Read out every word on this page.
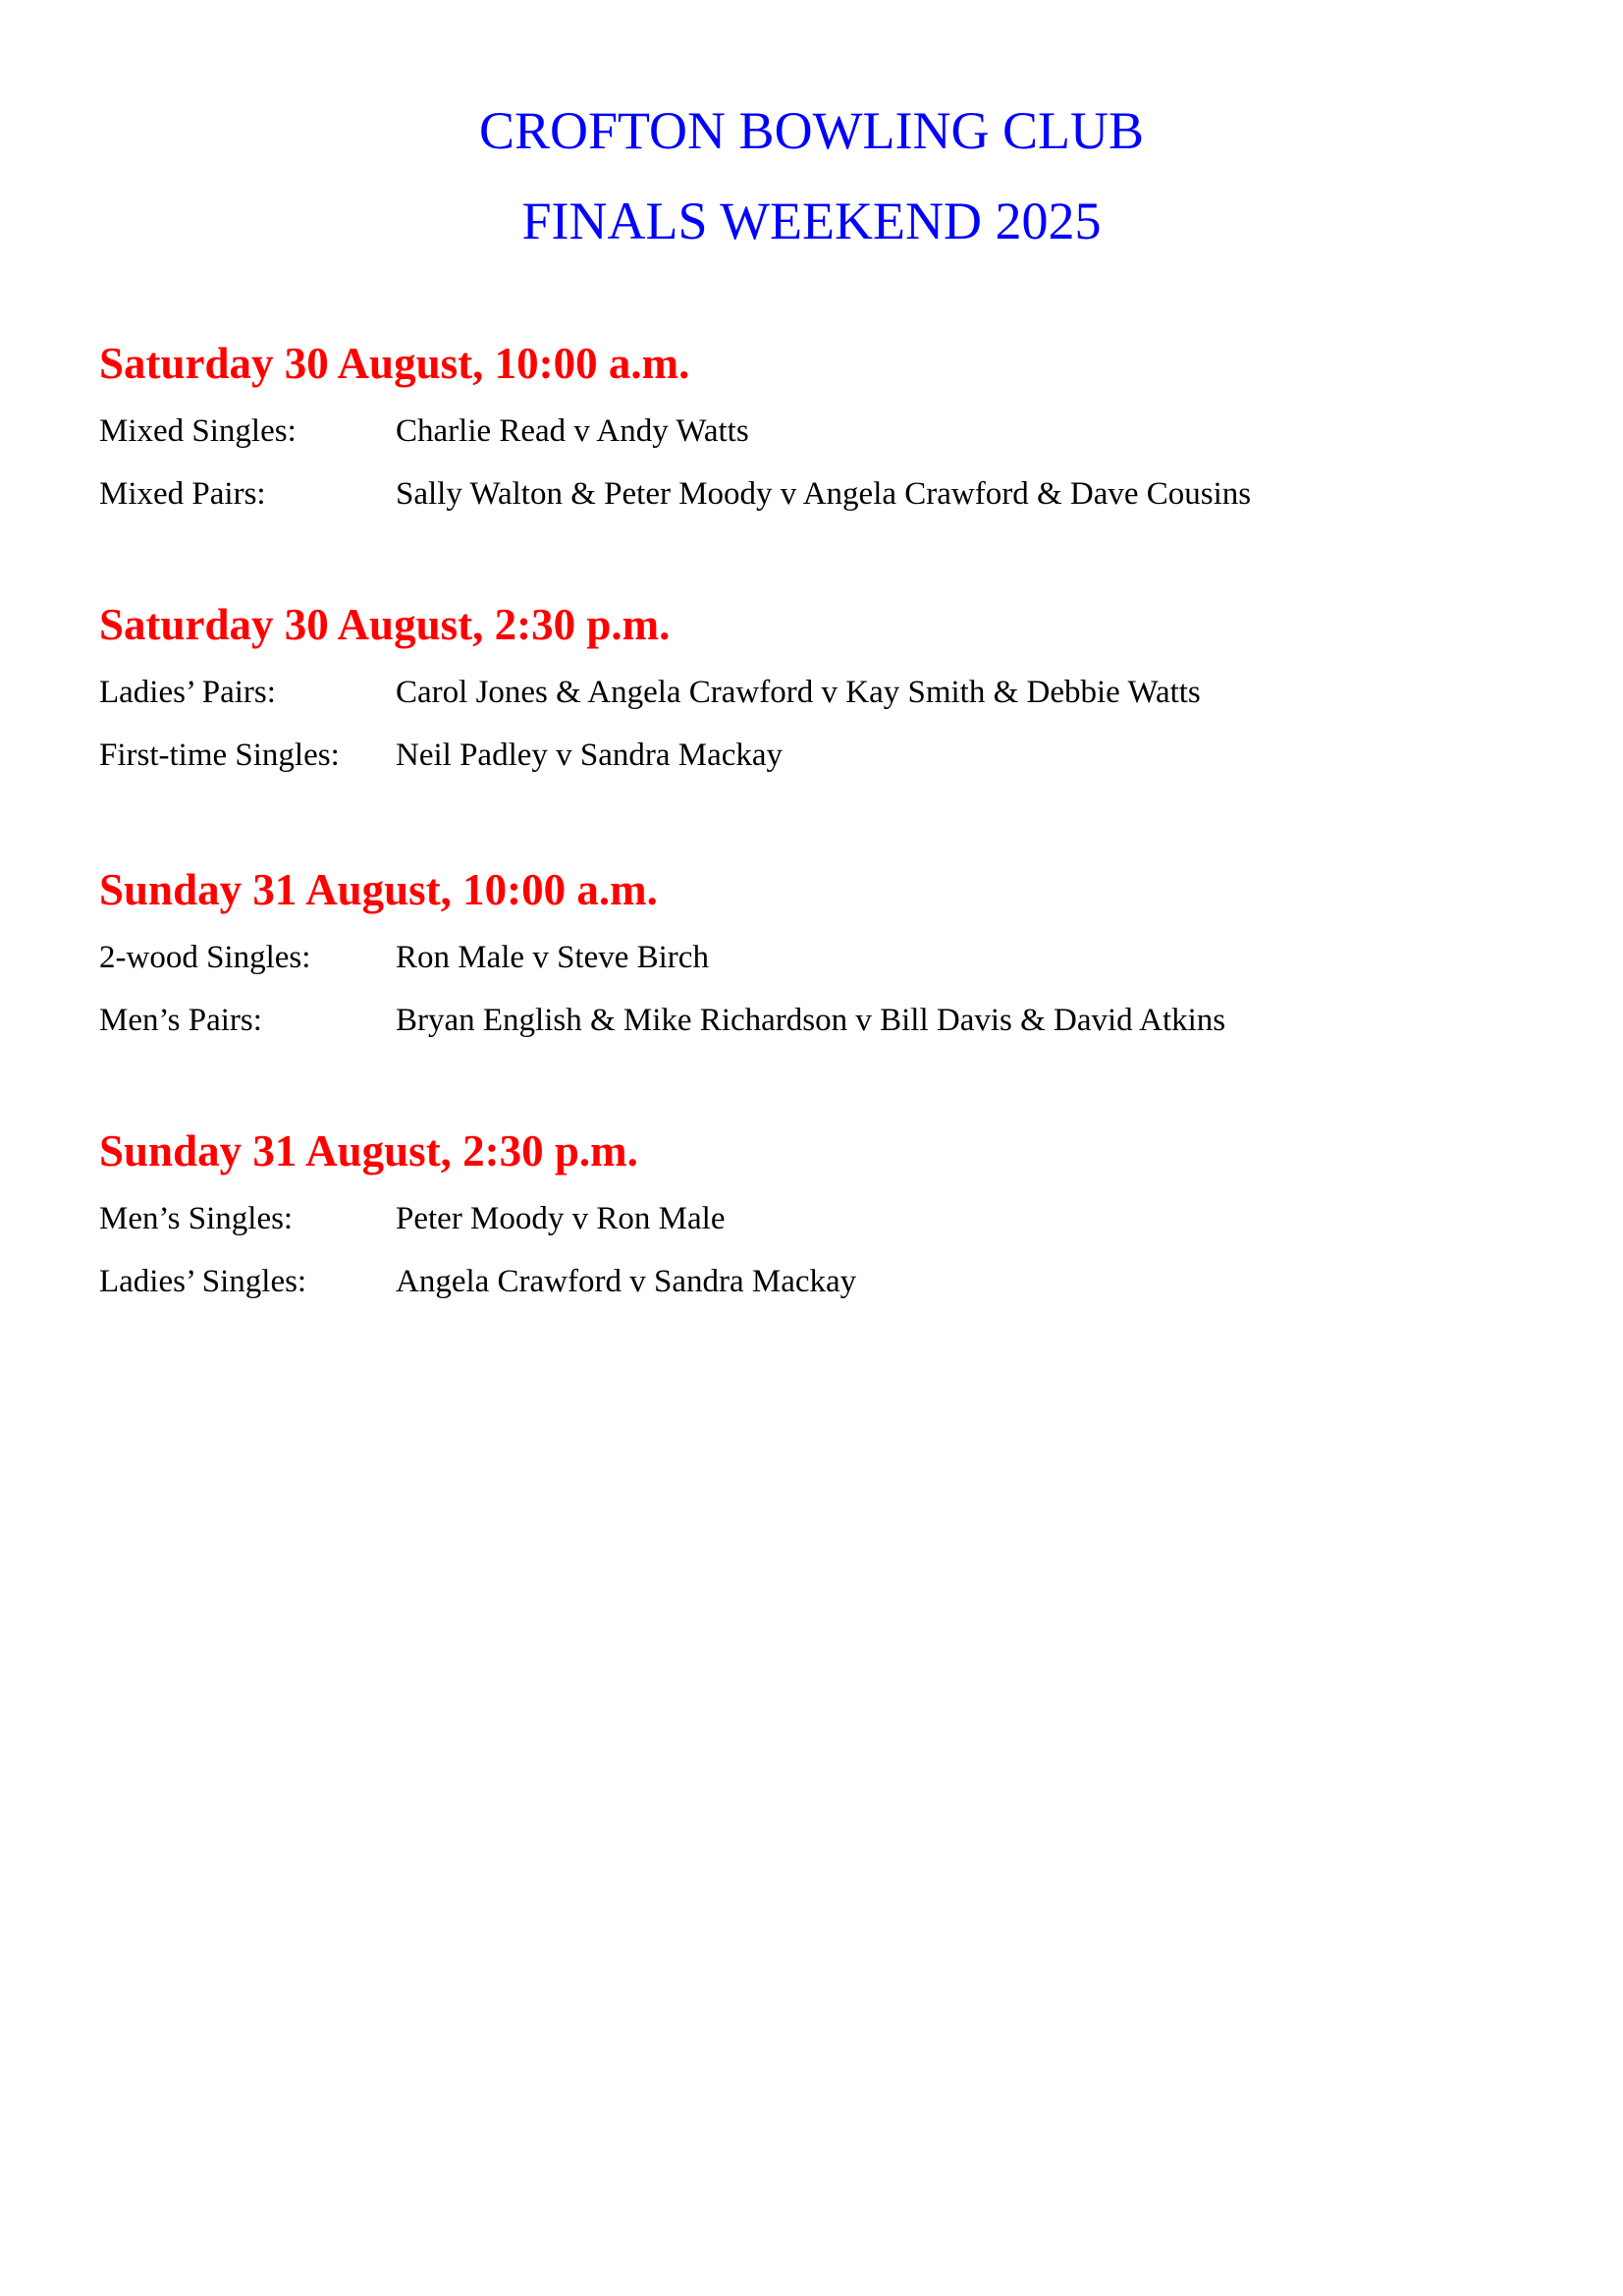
CROFTON BOWLING CLUB
FINALS WEEKEND 2025
Saturday 30 August, 10:00 a.m.
Mixed Singles:	Charlie Read v Andy Watts
Mixed Pairs:	Sally Walton & Peter Moody v Angela Crawford & Dave Cousins
Saturday 30 August, 2:30 p.m.
Ladies’ Pairs:	Carol Jones & Angela Crawford v Kay Smith & Debbie Watts
First-time Singles: Neil Padley v Sandra Mackay
Sunday 31 August, 10:00 a.m.
2-wood Singles:	Ron Male v Steve Birch
Men’s Pairs:	Bryan English & Mike Richardson v Bill Davis & David Atkins
Sunday 31 August, 2:30 p.m.
Men’s Singles:	Peter Moody v Ron Male
Ladies’ Singles:	Angela Crawford v Sandra Mackay
